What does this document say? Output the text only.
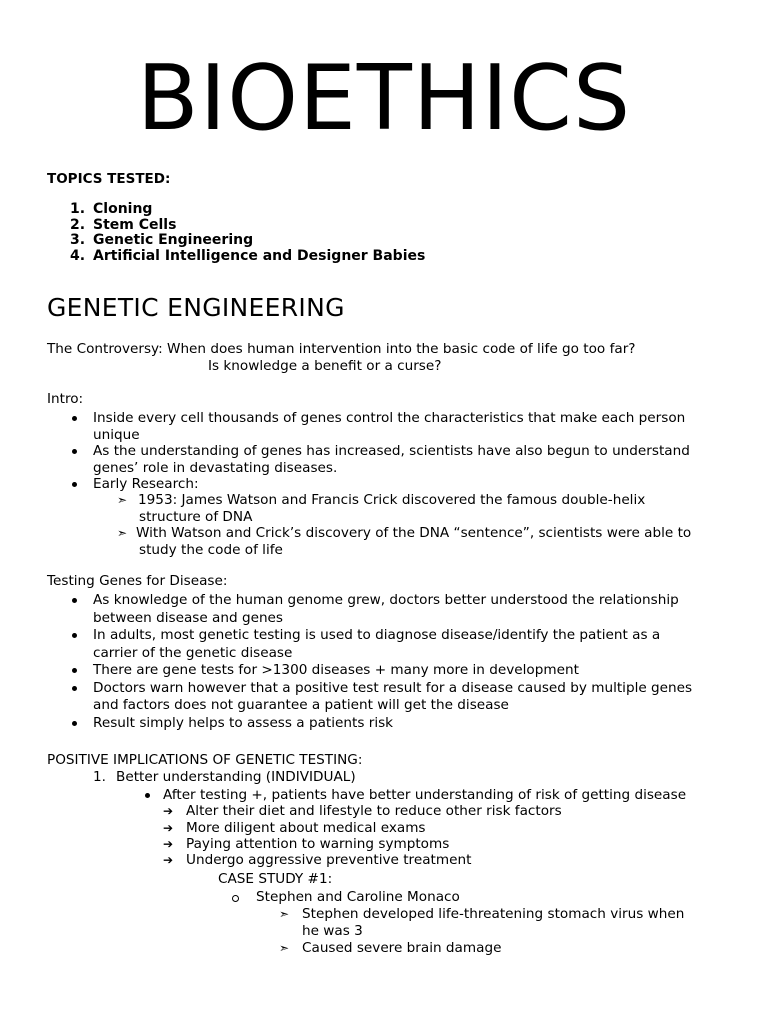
BIOETHICS
TOPICS TESTED:
1. Cloning
2. Stem Cells
3. Genetic Engineering
4. Artificial Intelligence and Designer Babies
GENETIC ENGINEERING
The Controversy: When does human intervention into the basic code of life go too far?
Is knowledge a benefit or a curse?
Intro:
Inside every cell thousands of genes control the characteristics that make each person
unique
As the understanding of genes has increased, scientists have also begun to understand
genes’ role in devastating diseases.
Early Research:
➣ 1953: James Watson and Francis Crick discovered the famous double-helix
structure of DNA
➣ With Watson and Crick’s discovery of the DNA “sentence”, scientists were able to
study the code of life
Testing Genes for Disease:
As knowledge of the human genome grew, doctors better understood the relationship
between disease and genes
In adults, most genetic testing is used to diagnose disease/identify the patient as a
carrier of the genetic disease
There are gene tests for >1300 diseases + many more in development
Doctors warn however that a positive test result for a disease caused by multiple genes
and factors does not guarantee a patient will get the disease
Result simply helps to assess a patients risk
POSITIVE IMPLICATIONS OF GENETIC TESTING:
1. Better understanding (INDIVIDUAL)
After testing +, patients have better understanding of risk of getting disease
➔ Alter their diet and lifestyle to reduce other risk factors
➔ More diligent about medical exams
➔ Paying attention to warning symptoms
➔ Undergo aggressive preventive treatment
CASE STUDY #1:
Stephen and Caroline Monaco
➣ Stephen developed life-threatening stomach virus when
he was 3
➣ Caused severe brain damage
